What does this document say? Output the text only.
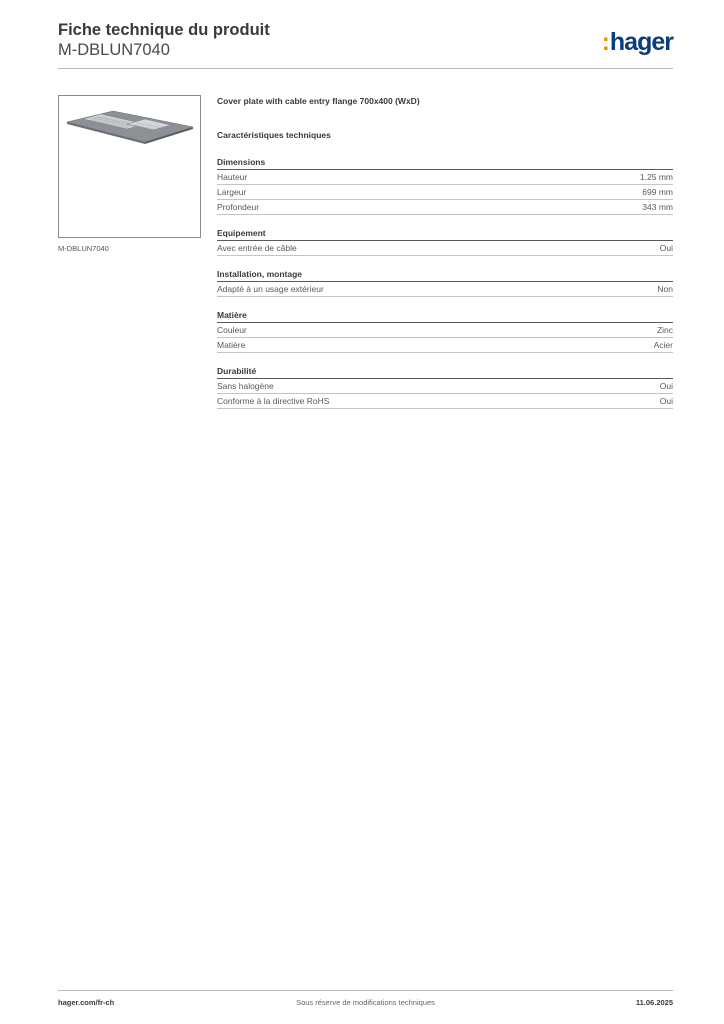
Fiche technique du produit
M-DBLUN7040	:hager
M-DBLUN7040
Cover plate with cable entry flange 700x400 (WxD)
Caractéristiques techniques
Dimensions
Hauteur	1.25 mm
Largeur	699 mm
Profondeur	343 mm
Equipement
Avec entrée de câble	Oui
Installation, montage
Adapté à un usage extérieur	Non
Matière
Couleur	Zinc
Matière	Acier
Durabilité
Sans halogène	Oui
Conforme à la directive RoHS	Oui
hager.com/fr-ch	Sous réserve de modifications techniques	11.06.2025
